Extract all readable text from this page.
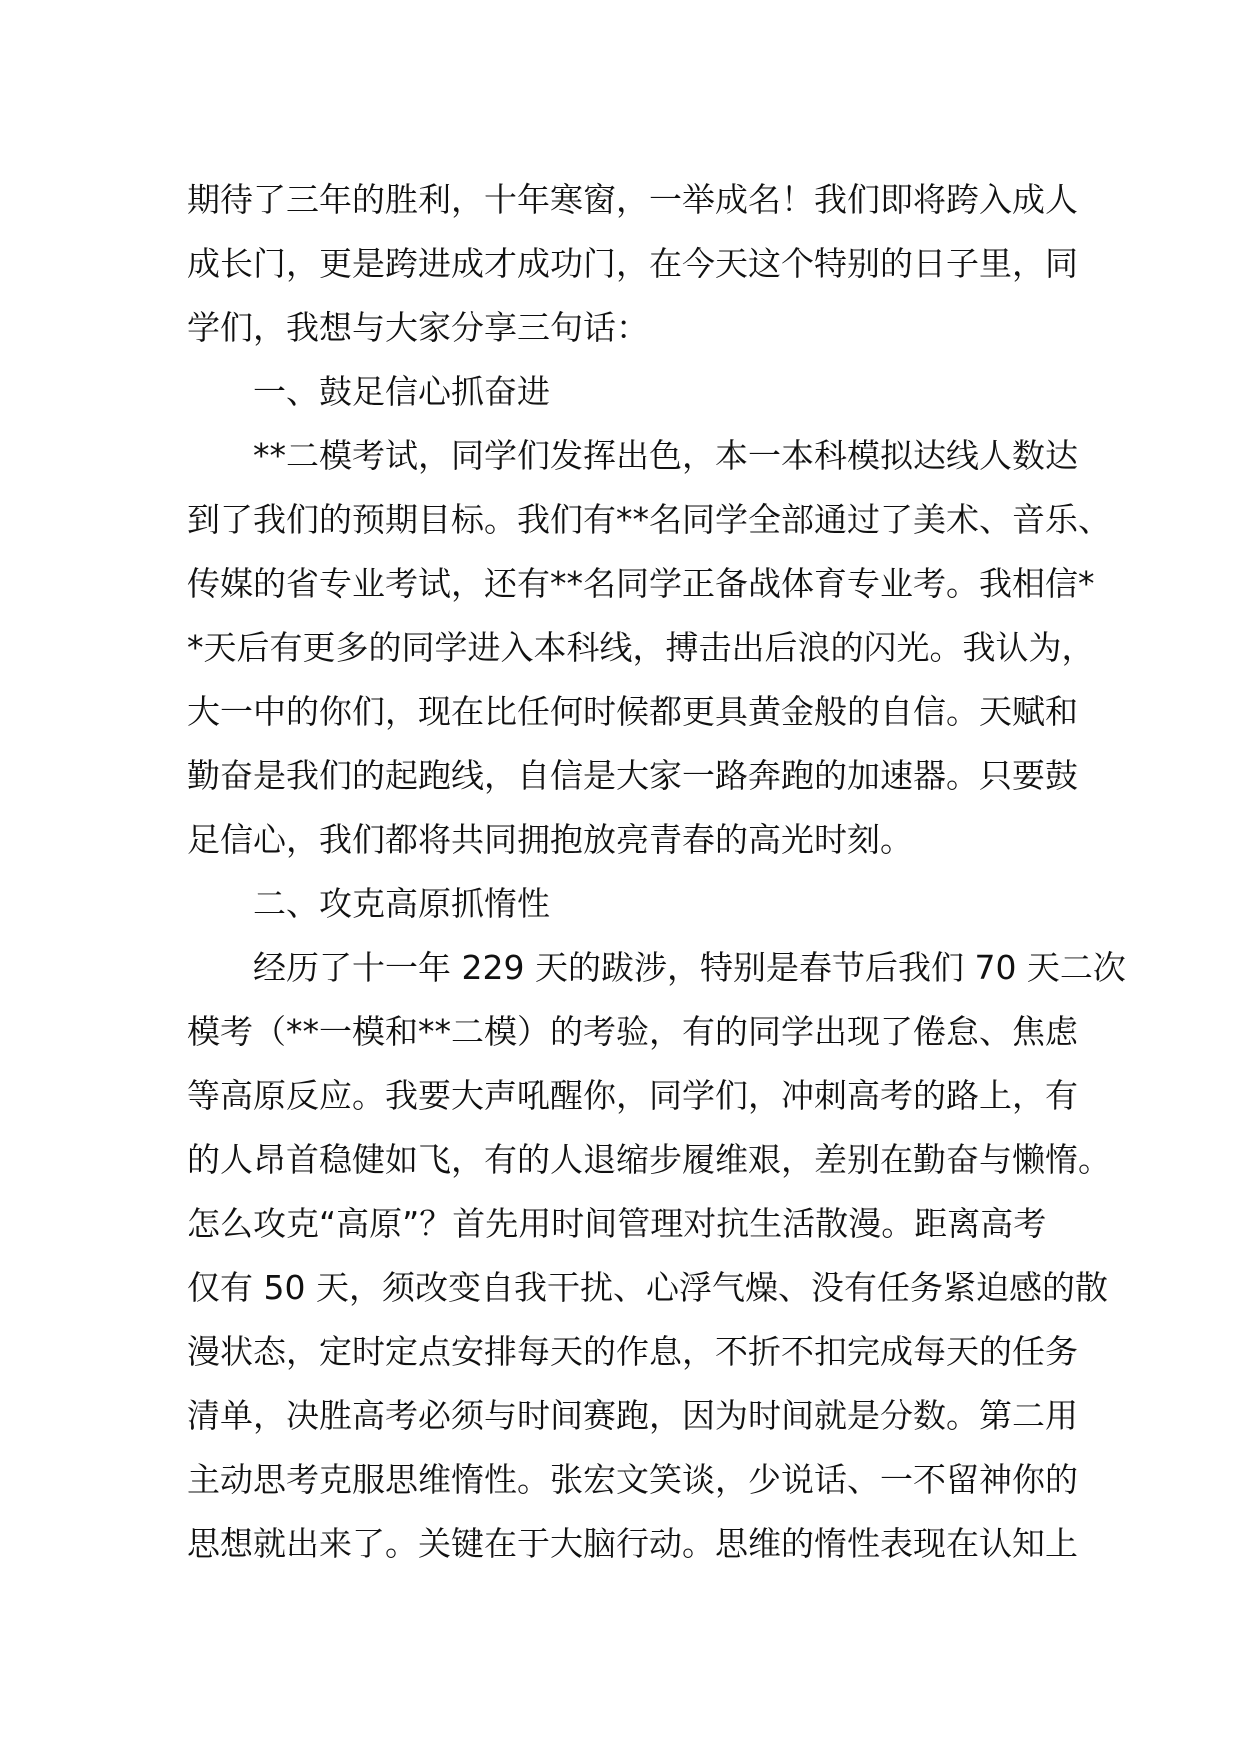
期待了三年的胜利，十年寒窗，一举成名！我们即将跨入成人
成长门，更是跨进成才成功门，在今天这个特别的日子里，同
学们，我想与大家分享三句话：
一、鼓足信心抓奋进
**二模考试，同学们发挥出色，本一本科模拟达线人数达
到了我们的预期目标。我们有**名同学全部通过了美术、音乐、
传媒的省专业考试，还有**名同学正备战体育专业考。我相信*
*天后有更多的同学进入本科线，搏击出后浪的闪光。我认为，
大一中的你们，现在比任何时候都更具黄金般的自信。天赋和
勤奋是我们的起跑线，自信是大家一路奔跑的加速器。只要鼓
足信心，我们都将共同拥抱放亮青春的高光时刻。
二、攻克高原抓惰性
经历了十一年 229 天的跋涉，特别是春节后我们 70 天二次
模考（**一模和**二模）的考验，有的同学出现了倦怠、焦虑
等高原反应。我要大声吼醒你，同学们，冲刺高考的路上，有
的人昂首稳健如飞，有的人退缩步履维艰，差别在勤奋与懒惰。
怎么攻克“高原”？首先用时间管理对抗生活散漫。距离高考
仅有 50 天，须改变自我干扰、心浮气燥、没有任务紧迫感的散
漫状态，定时定点安排每天的作息，不折不扣完成每天的任务
清单，决胜高考必须与时间赛跑，因为时间就是分数。第二用
主动思考克服思维惰性。张宏文笑谈，少说话、一不留神你的
思想就出来了。关键在于大脑行动。思维的惰性表现在认知上
